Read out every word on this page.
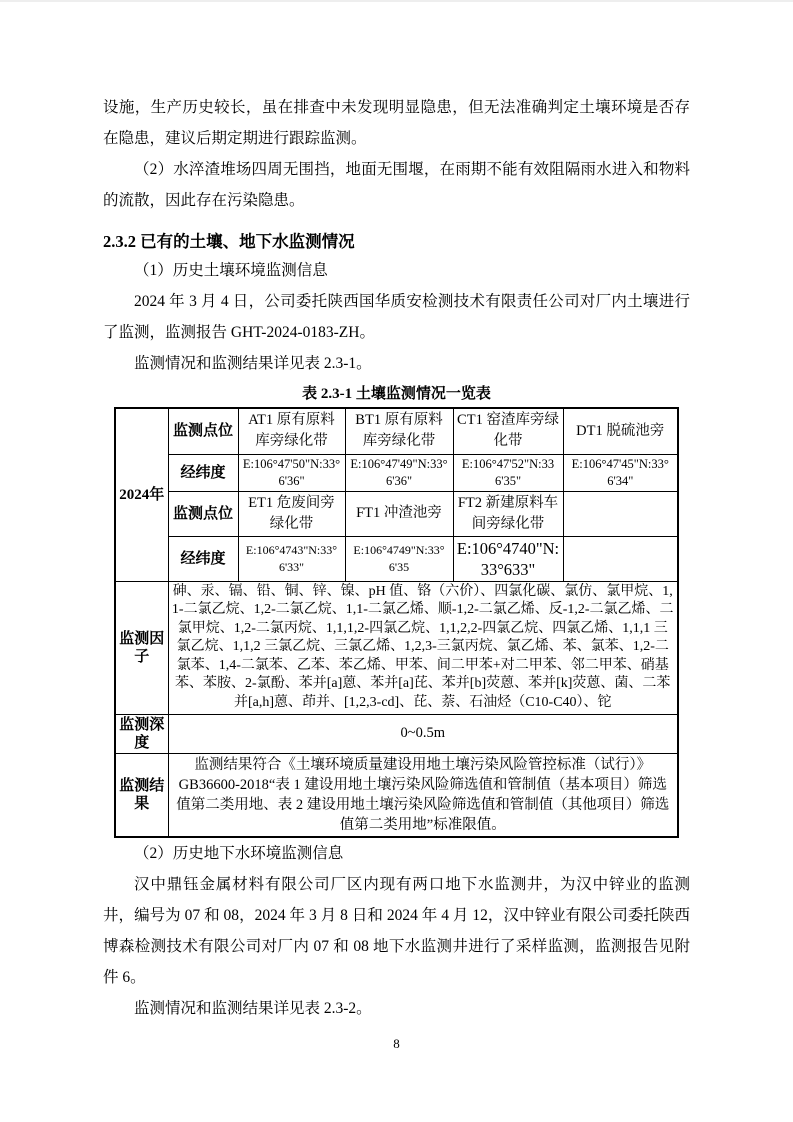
设施，生产历史较长，虽在排查中未发现明显隐患，但无法准确判定土壤环境是否存在隐患，建议后期定期进行跟踪监测。

（2）水淬渣堆场四周无围挡，地面无围堰，在雨期不能有效阻隔雨水进入和物料的流散，因此存在污染隐患。

2.3.2 已有的土壤、地下水监测情况

（1）历史土壤环境监测信息

2024 年 3 月 4 日，公司委托陕西国华质安检测技术有限责任公司对厂内土壤进行了监测，监测报告 GHT-2024-0183-ZH。

监测情况和监测结果详见表 2.3-1。

表 2.3-1 土壤监测情况一览表
2024年	监测点位	AT1 原有原料库旁绿化带	BT1 原有原料库旁绿化带	CT1 窑渣库旁绿化带	DT1 脱硫池旁
	经纬度	E:106°47'50"N:33°6'36"	E:106°47'49"N:33°6'36"	E:106°47'52"N:336'35"	E:106°47'45"N:33°6'34"
	监测点位	ET1 危废间旁绿化带	FT1 冲渣池旁	FT2 新建原料车间旁绿化带	
	经纬度	E:106°4743"N:33°6'33"	E:106°4749"N:33°6'35	E:106°4740"N:33°633"	
监测因子	砷、汞、镉、铅、铜、锌、镍、pH 值、铬（六价）、四氯化碳、氯仿、氯甲烷、1,1-二氯乙烷、1,2-二氯乙烷、1,1-二氯乙烯、顺-1,2-二氯乙烯、反-1,2-二氯乙烯、二氯甲烷、1,2-二氯丙烷、1,1,1,2-四氯乙烷、1,1,2,2-四氯乙烷、四氯乙烯、1,1,1 三氯乙烷、1,1,2 三氯乙烷、三氯乙烯、1,2,3-三氯丙烷、氯乙烯、苯、氯苯、1,2-二氯苯、1,4-二氯苯、乙苯、苯乙烯、甲苯、间二甲苯+对二甲苯、邻二甲苯、硝基苯、苯胺、2-氯酚、苯并[a]蒽、苯并[a]芘、苯并[b]荧蒽、苯并[k]荧蒽、菌、二苯并[a,h]蒽、茚并、[1,2,3-cd]、芘、萘、石油烃（C10-C40）、铊				
监测深度	0~0.5m				
监测结果	监测结果符合《土壤环境质量建设用地土壤污染风险管控标准（试行）》GB36600-2018“表 1 建设用地土壤污染风险筛选值和管制值（基本项目）筛选值第二类用地、表 2 建设用地土壤污染风险筛选值和管制值（其他项目）筛选值第二类用地”标准限值。				

（2）历史地下水环境监测信息

汉中鼎钰金属材料有限公司厂区内现有两口地下水监测井，为汉中锌业的监测井，编号为 07 和 08，2024 年 3 月 8 日和 2024 年 4 月 12，汉中锌业有限公司委托陕西博森检测技术有限公司对厂内 07 和 08 地下水监测井进行了采样监测，监测报告见附件 6。

监测情况和监测结果详见表 2.3-2。

8
